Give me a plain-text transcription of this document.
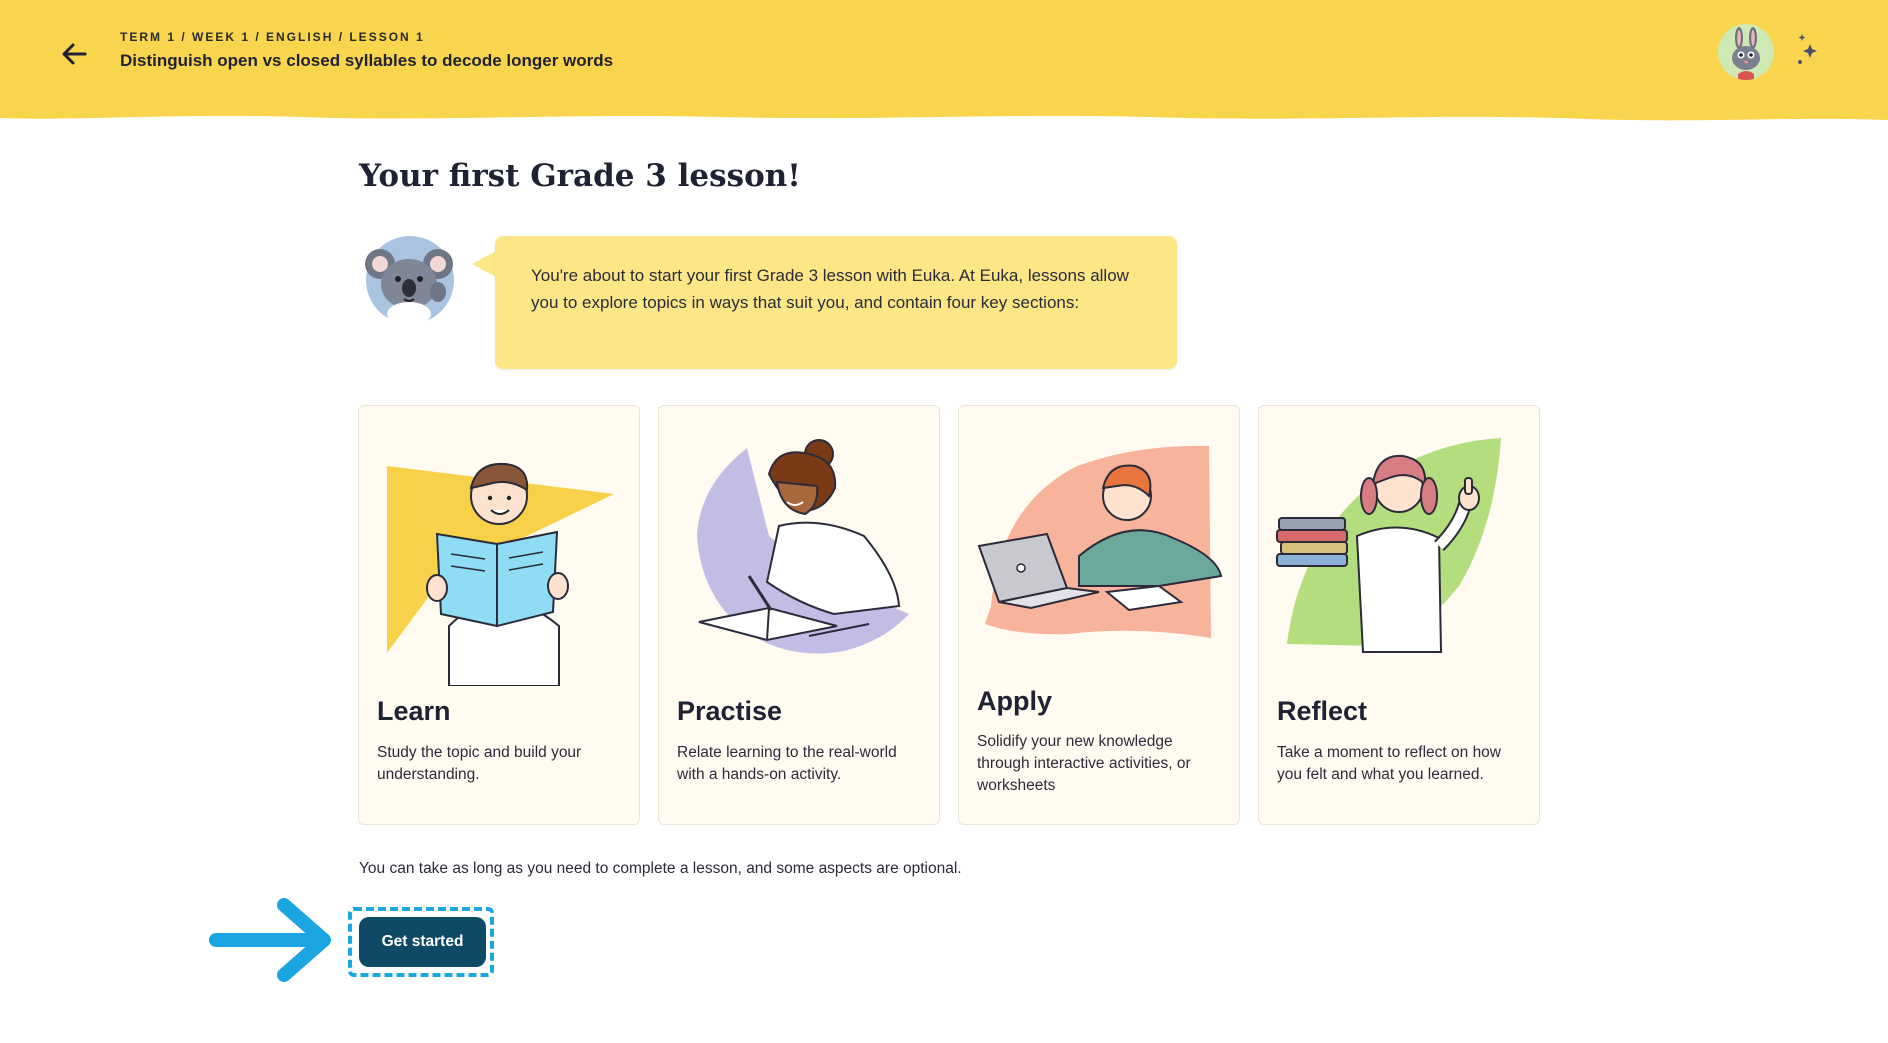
TERM 1 / WEEK 1 / ENGLISH / LESSON 1
Distinguish open vs closed syllables to decode longer words
Your first Grade 3 lesson!
You're about to start your first Grade 3 lesson with Euka. At Euka, lessons allow you to explore topics in ways that suit you, and contain four key sections:
Learn
Study the topic and build your understanding.
Practise
Relate learning to the real-world with a hands-on activity.
Apply
Solidify your new knowledge through interactive activities, or worksheets
Reflect
Take a moment to reflect on how you felt and what you learned.
You can take as long as you need to complete a lesson, and some aspects are optional.
Get started
